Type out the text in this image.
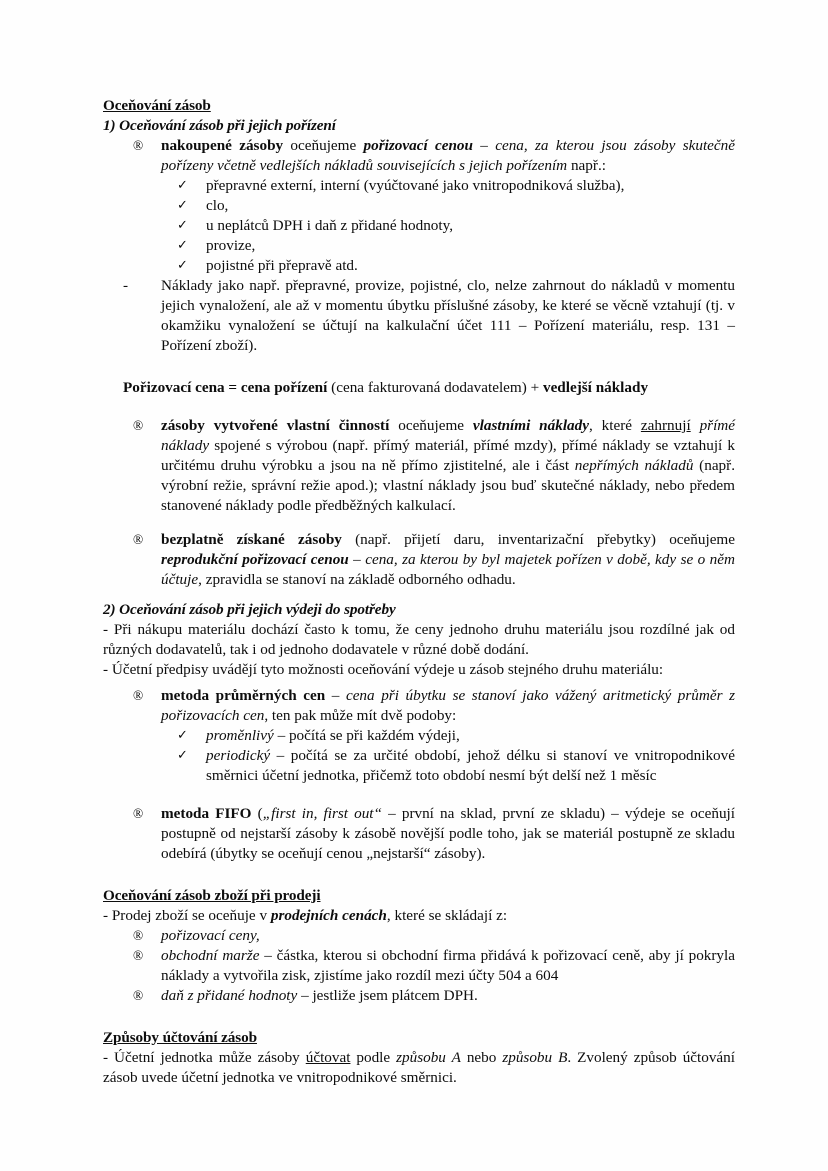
Oceňování zásob
1) Oceňování zásob při jejich pořízení
®	nakoupené zásoby oceňujeme pořizovací cenou – cena, za kterou jsou zásoby skutečně pořízeny včetně vedlejších nákladů souvisejících s jejich pořízením např.:
✓	přepravné externí, interní (vyúčtované jako vnitropodniková služba),
✓	clo,
✓	u neplátců DPH i daň z přidané hodnoty,
✓	provize,
✓	pojistné při přepravě atd.
-	Náklady jako např. přepravné, provize, pojistné, clo, nelze zahrnout do nákladů v momentu jejich vynaložení, ale až v momentu úbytku příslušné zásoby, ke které se věcně vztahují (tj. v okamžiku vynaložení se účtují na kalkulační účet 111 – Pořízení materiálu, resp. 131 – Pořízení zboží).
Pořizovací cena = cena pořízení (cena fakturovaná dodavatelem) + vedlejší náklady
®	zásoby vytvořené vlastní činností oceňujeme vlastními náklady, které zahrnují přímé náklady spojené s výrobou (např. přímý materiál, přímé mzdy), přímé náklady se vztahují k určitému druhu výrobku a jsou na ně přímo zjistitelné, ale i část nepřímých nákladů (např. výrobní režie, správní režie apod.); vlastní náklady jsou buď skutečné náklady, nebo předem stanovené náklady podle předběžných kalkulací.
®	bezplatně získané zásoby (např. přijetí daru, inventarizační přebytky) oceňujeme reprodukční pořizovací cenou – cena, za kterou by byl majetek pořízen v době, kdy se o něm účtuje, zpravidla se stanoví na základě odborného odhadu.
2) Oceňování zásob při jejich výdeji do spotřeby
- Při nákupu materiálu dochází často k tomu, že ceny jednoho druhu materiálu jsou rozdílné jak od různých dodavatelů, tak i od jednoho dodavatele v různé době dodání.
- Účetní předpisy uvádějí tyto možnosti oceňování výdeje u zásob stejného druhu materiálu:
®	metoda průměrných cen – cena při úbytku se stanoví jako vážený aritmetický průměr z pořizovacích cen, ten pak může mít dvě podoby:
✓	proměnlivý – počítá se při každém výdeji,
✓	periodický – počítá se za určité období, jehož délku si stanoví ve vnitropodnikové směrnici účetní jednotka, přičemž toto období nesmí být delší než 1 měsíc
®	metoda FIFO („first in, first out“ – první na sklad, první ze skladu) – výdeje se oceňují postupně od nejstarší zásoby k zásobě novější podle toho, jak se materiál postupně ze skladu odebírá (úbytky se oceňují cenou „nejstarší“ zásoby).
Oceňování zásob zboží při prodeji
- Prodej zboží se oceňuje v prodejních cenách, které se skládají z:
®	pořizovací ceny,
®	obchodní marže – částka, kterou si obchodní firma přidává k pořizovací ceně, aby jí pokryla náklady a vytvořila zisk, zjistíme jako rozdíl mezi účty 504 a 604
®	daň z přidané hodnoty – jestliže jsem plátcem DPH.
Způsoby účtování zásob
- Účetní jednotka může zásoby účtovat podle způsobu A nebo způsobu B. Zvolený způsob účtování zásob uvede účetní jednotka ve vnitropodnikové směrnici.
